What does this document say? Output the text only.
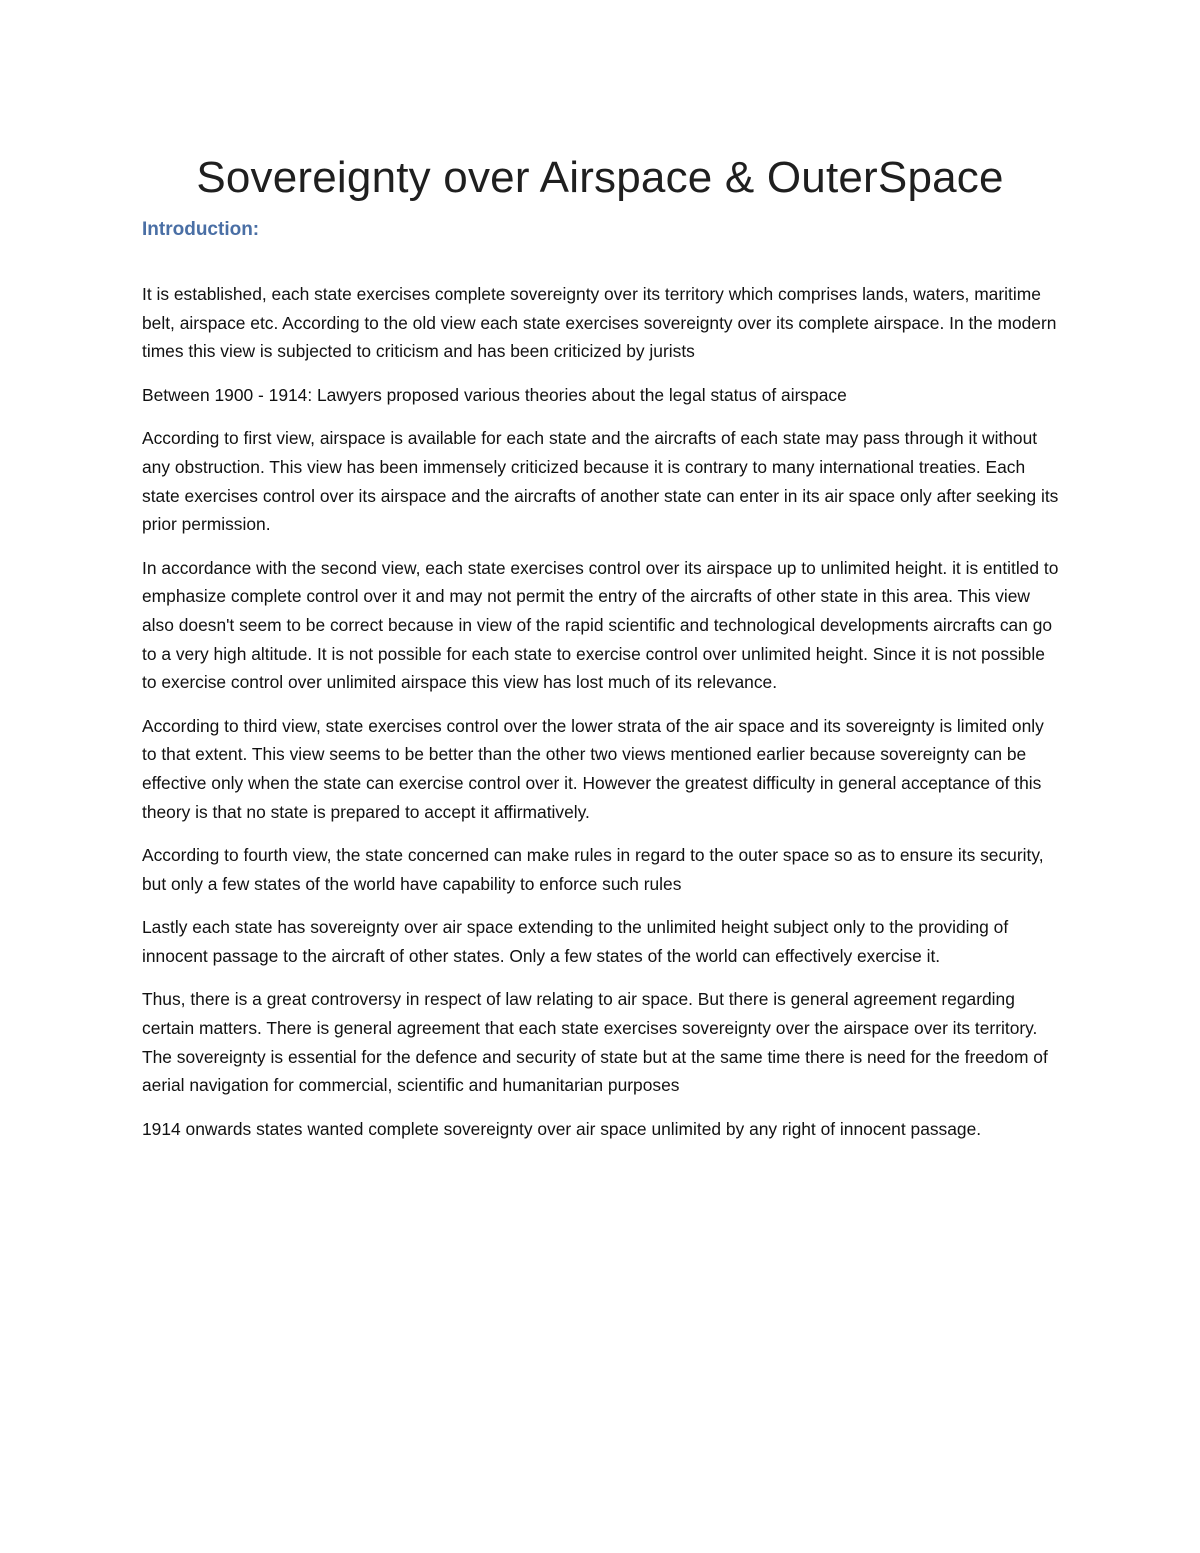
Sovereignty over Airspace & OuterSpace
Introduction:

It is established, each state exercises complete sovereignty over its territory which comprises lands, waters, maritime belt, airspace etc. According to the old view each state exercises sovereignty over its complete airspace. In the modern times this view is subjected to criticism and has been criticized by jurists

Between 1900 - 1914: Lawyers proposed various theories about the legal status of airspace

According to first view, airspace is available for each state and the aircrafts of each state may pass through it without any obstruction. This view has been immensely criticized because it is contrary to many international treaties. Each state exercises control over its airspace and the aircrafts of another state can enter in its air space only after seeking its prior permission.

In accordance with the second view, each state exercises control over its airspace up to unlimited height. it is entitled to emphasize complete control over it and may not permit the entry of the aircrafts of other state in this area. This view also doesn't seem to be correct because in view of the rapid scientific and technological developments aircrafts can go to a very high altitude. It is not possible for each state to exercise control over unlimited height. Since it is not possible to exercise control over unlimited airspace this view has lost much of its relevance.

According to third view, state exercises control over the lower strata of the air space and its sovereignty is limited only to that extent. This view seems to be better than the other two views mentioned earlier because sovereignty can be effective only when the state can exercise control over it. However the greatest difficulty in general acceptance of this theory is that no state is prepared to accept it affirmatively.

According to fourth view, the state concerned can make rules in regard to the outer space so as to ensure its security, but only a few states of the world have capability to enforce such rules

Lastly each state has sovereignty over air space extending to the unlimited height subject only to the providing of innocent passage to the aircraft of other states. Only a few states of the world can effectively exercise it.

Thus, there is a great controversy in respect of law relating to air space. But there is general agreement regarding certain matters. There is general agreement that each state exercises sovereignty over the airspace over its territory. The sovereignty is essential for the defence and security of state but at the same time there is need for the freedom of aerial navigation for commercial, scientific and humanitarian purposes

1914 onwards states wanted complete sovereignty over air space unlimited by any right of innocent passage.
